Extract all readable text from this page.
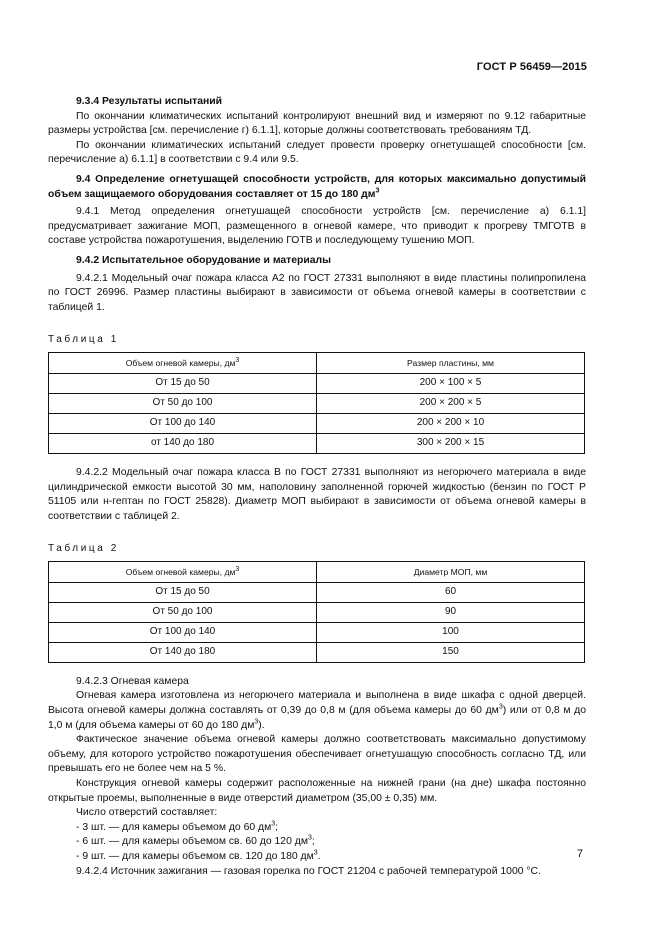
ГОСТ Р 56459—2015

9.3.4 Результаты испытаний

По окончании климатических испытаний контролируют внешний вид и измеряют по 9.12 габаритные размеры устройства [см. перечисление г) 6.1.1], которые должны соответствовать требованиям ТД.

По окончании климатических испытаний следует провести проверку огнетушащей способности [см. перечисление а) 6.1.1] в соответствии с 9.4 или 9.5.

9.4 Определение огнетушащей способности устройств, для которых максимально допустимый объем защищаемого оборудования составляет от 15 до 180 $дм^3$

9.4.1 Метод определения огнетушащей способности устройств [см. перечисление а) 6.1.1] предусматривает зажигание МОП, размещенного в огневой камере, что приводит к прогреву ТМГОТВ в составе устройства пожаротушения, выделению ГОТВ и последующему тушению МОП.

9.4.2 Испытательное оборудование и материалы

9.4.2.1 Модельный очаг пожара класса А2 по ГОСТ 27331 выполняют в виде пластины полипропилена по ГОСТ 26996. Размер пластины выбирают в зависимости от объема огневой камеры в соответствии с таблицей 1.

Таблица 1

Объем огневой камеры, $дм^3$	Размер пластины, мм
От 15 до 50	200 × 100 × 5
От 50 до 100	200 × 200 × 5
От 100 до 140	200 × 200 × 10
от 140 до 180	300 × 200 × 15

9.4.2.2 Модельный очаг пожара класса В по ГОСТ 27331 выполняют из негорючего материала в виде цилиндрической емкости высотой 30 мм, наполовину заполненной горючей жидкостью (бензин по ГОСТ Р 51105 или н-гептан по ГОСТ 25828). Диаметр МОП выбирают в зависимости от объема огневой камеры в соответствии с таблицей 2.

Таблица 2

Объем огневой камеры, $дм^3$	Диаметр МОП, мм
От 15 до 50	60
От 50 до 100	90
От 100 до 140	100
От 140 до 180	150

9.4.2.3 Огневая камера

Огневая камера изготовлена из негорючего материала и выполнена в виде шкафа с одной дверцей. Высота огневой камеры должна составлять от 0,39 до 0,8 м (для объема камеры до 60 $дм^3$) или от 0,8 м до 1,0 м (для объема камеры от 60 до 180 $дм^3$).

Фактическое значение объема огневой камеры должно соответствовать максимально допустимому объему, для которого устройство пожаротушения обеспечивает огнетушащую способность согласно ТД, или превышать его не более чем на 5 %.

Конструкция огневой камеры содержит расположенные на нижней грани (на дне) шкафа постоянно открытые проемы, выполненные в виде отверстий диаметром (35,00 ± 0,35) мм.

Число отверстий составляет:

- 3 шт. — для камеры объемом до 60 $дм^3$;

- 6 шт. — для камеры объемом св. 60 до 120 $дм^3$;

- 9 шт. — для камеры объемом св. 120 до 180 $дм^3$.

9.4.2.4 Источник зажигания — газовая горелка по ГОСТ 21204 с рабочей температурой 1000 °С.

7
